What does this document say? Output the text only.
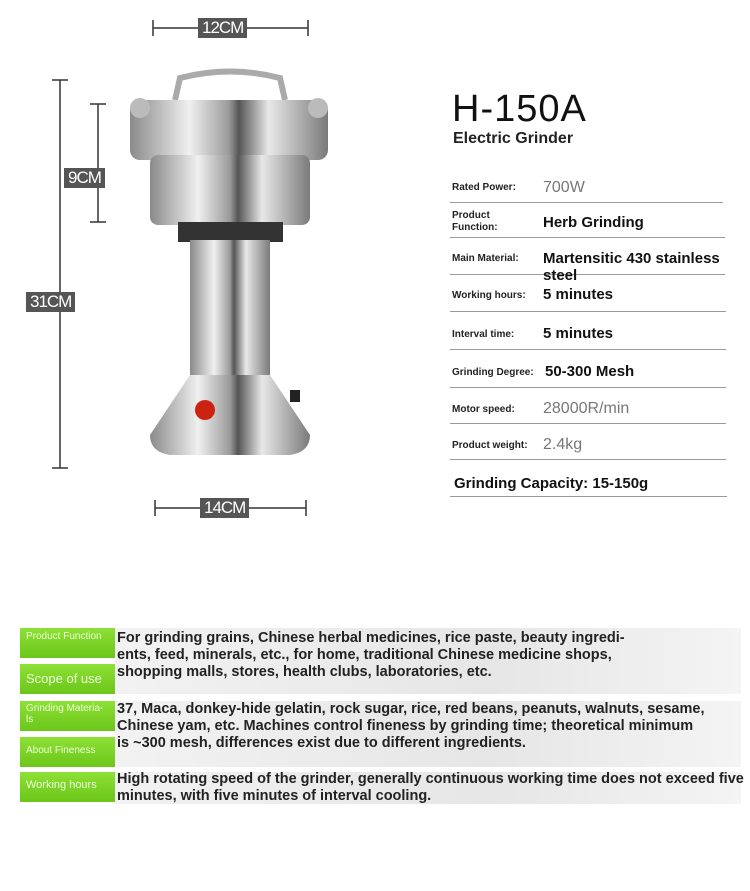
12CM
9CM
31CM
14CM
H-150A
Electric Grinder
Rated Power: 700W
Product Function:	Herb Grinding
Main Material: Martensitic 430 stainless steel
Working hours: 5 minutes
Interval time: 5 minutes
Grinding Degree: 50-300 Mesh
Motor speed: 28000R/min
Product weight: 2.4kg
Grinding Capacity: 15-150g
Product Function
Scope of use
Grinding Materia-ls
About Fineness
Working hours
For grinding grains, Chinese herbal medicines, rice paste, beauty ingredi-
ents, feed, minerals, etc., for home, traditional Chinese medicine shops,
shopping malls, stores, health clubs, laboratories, etc.
37, Maca, donkey-hide gelatin, rock sugar, rice, red beans, peanuts, walnuts, sesame,
Chinese yam, etc. Machines control fineness by grinding time; theoretical minimum
is ~300 mesh, differences exist due to different ingredients.
High rotating speed of the grinder, generally continuous working time does not exceed five
minutes, with five minutes of interval cooling.
